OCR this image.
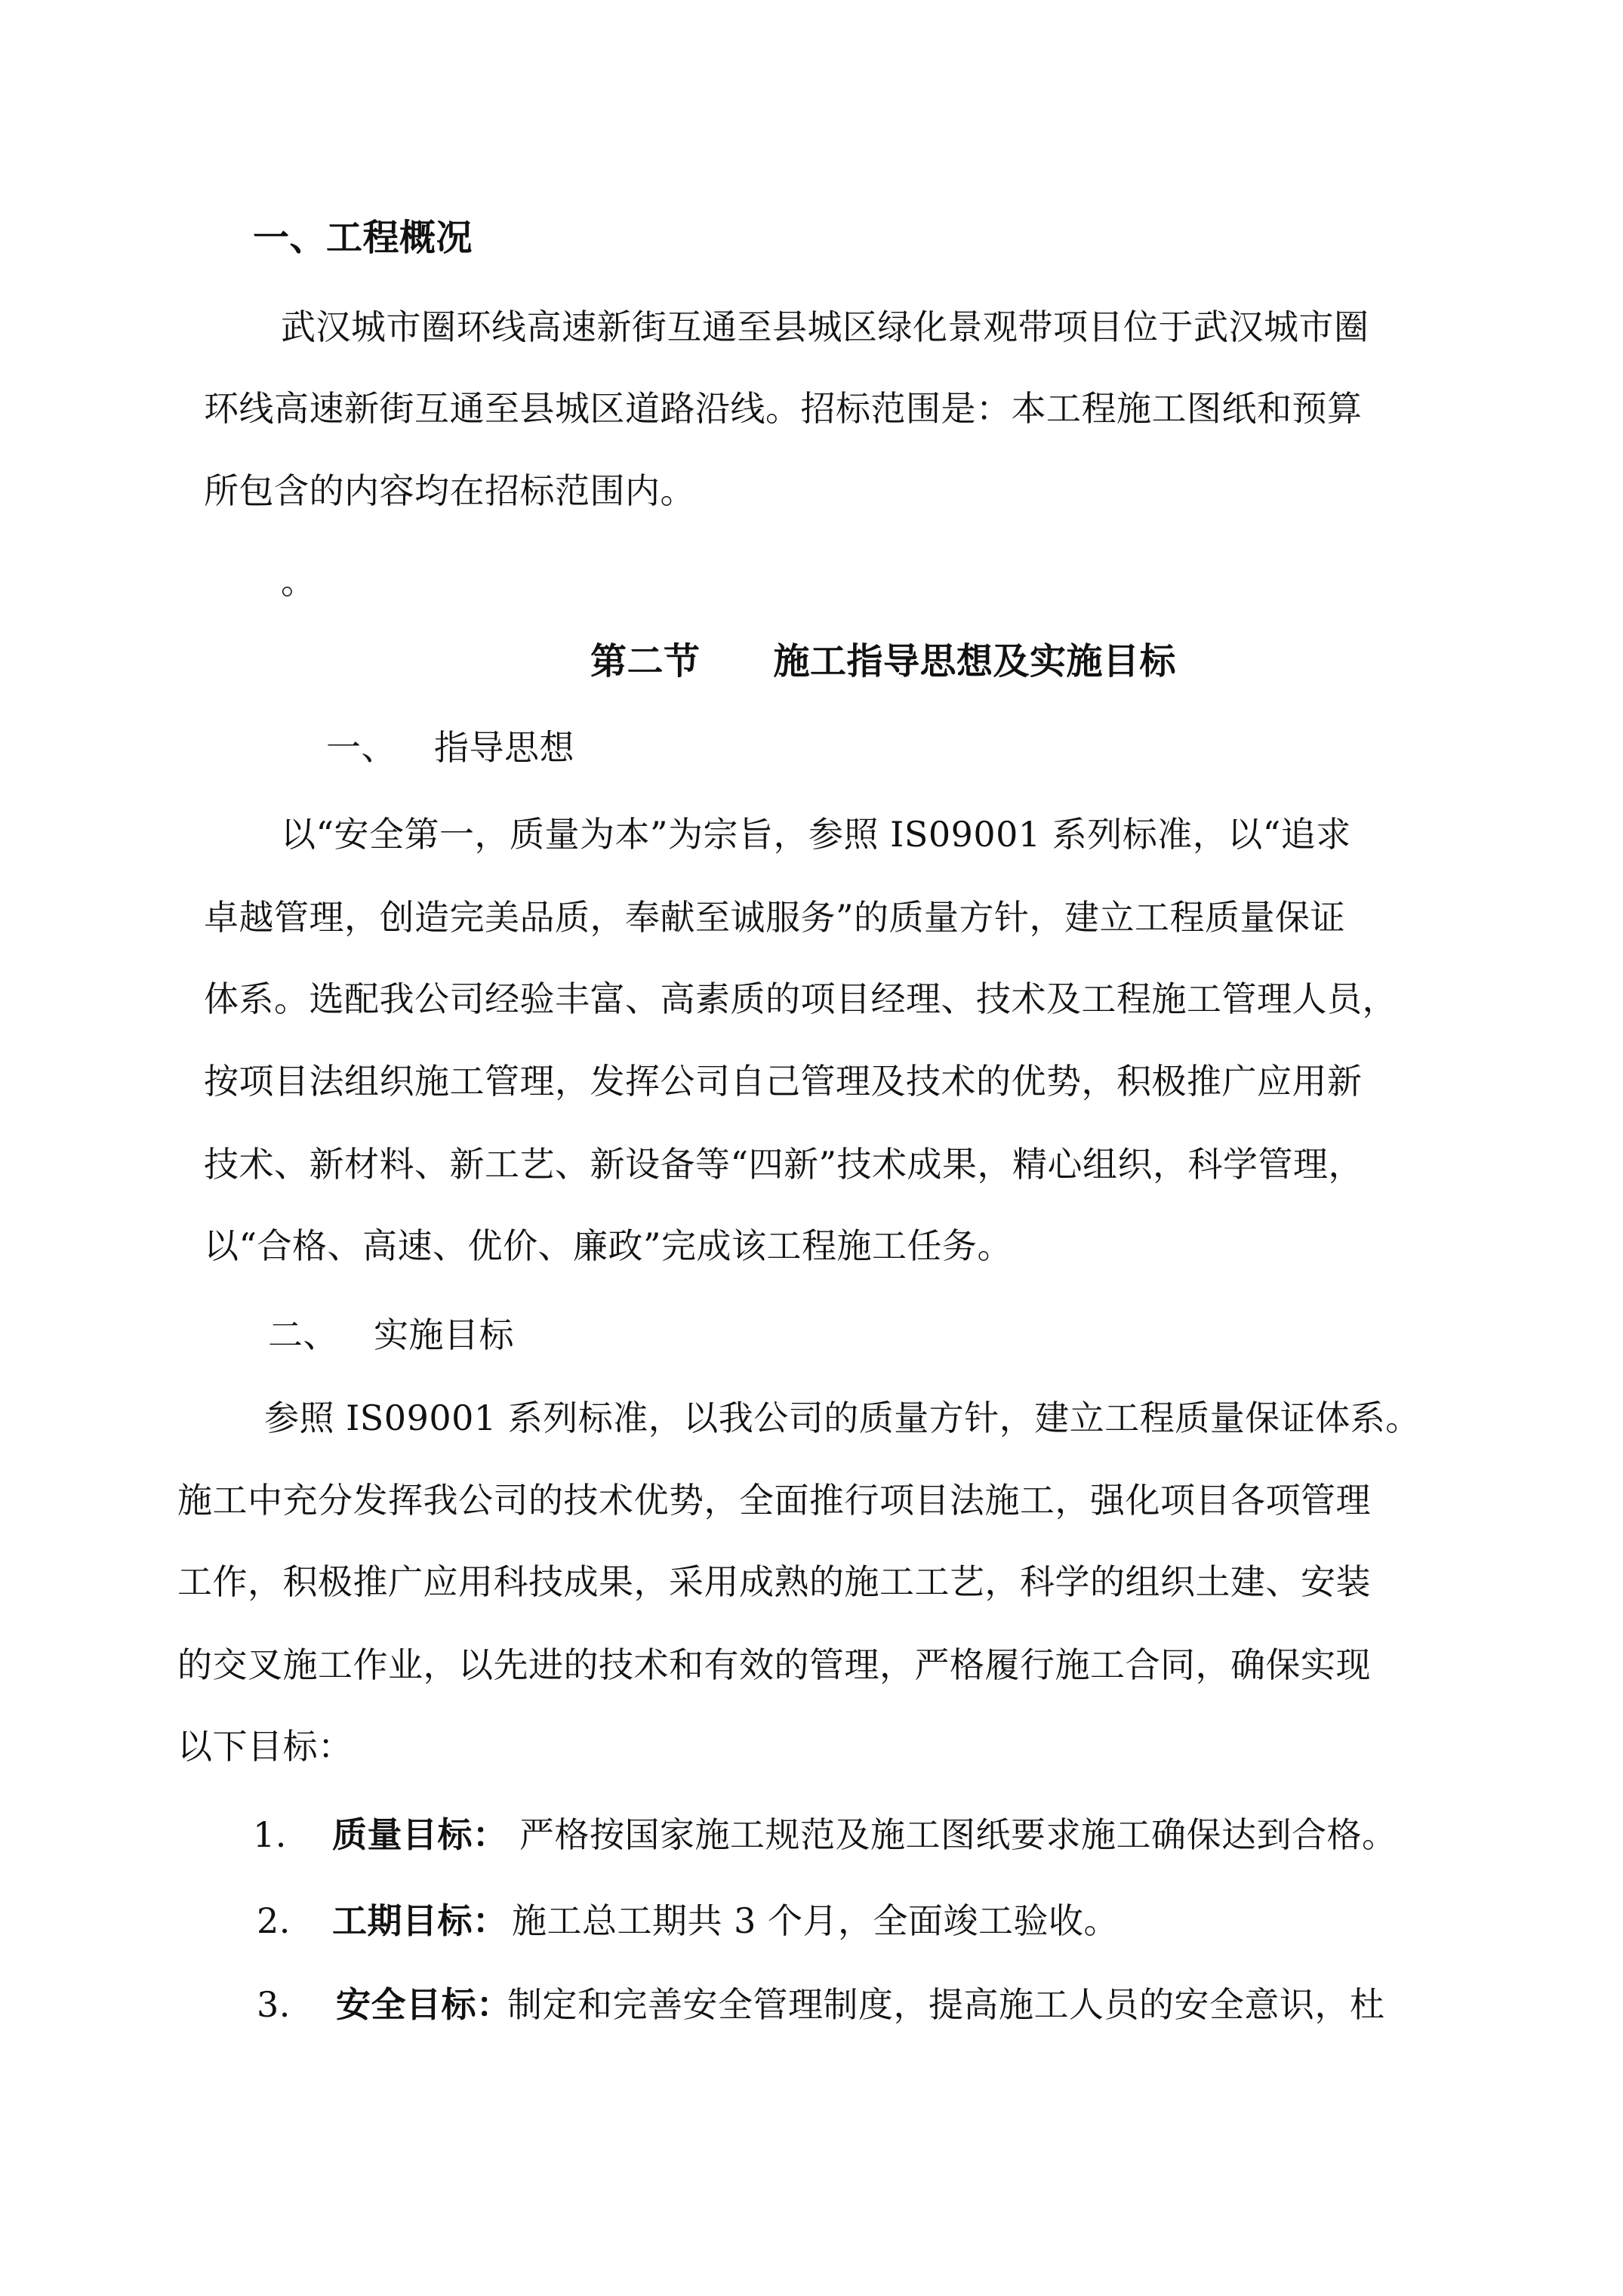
一、工程概况
武汉城市圈环线高速新街互通至县城区绿化景观带项目位于武汉城市圈
环线高速新街互通至县城区道路沿线。招标范围是：本工程施工图纸和预算
所包含的内容均在招标范围内。
。
第二节　　施工指导思想及实施目标
一、 指导思想
以“安全第一，质量为本”为宗旨，参照 IS09001 系列标准，以“追求
卓越管理，创造完美品质，奉献至诚服务”的质量方针，建立工程质量保证
体系。选配我公司经验丰富、高素质的项目经理、技术及工程施工管理人员，
按项目法组织施工管理，发挥公司自己管理及技术的优势，积极推广应用新
技术、新材料、新工艺、新设备等“四新”技术成果，精心组织，科学管理，
以“合格、高速、优价、廉政”完成该工程施工任务。
二、 实施目标
参照 IS09001 系列标准，以我公司的质量方针，建立工程质量保证体系。
施工中充分发挥我公司的技术优势，全面推行项目法施工，强化项目各项管理
工作，积极推广应用科技成果，采用成熟的施工工艺，科学的组织土建、安装
的交叉施工作业，以先进的技术和有效的管理，严格履行施工合同，确保实现
以下目标：
1. 质量目标： 严格按国家施工规范及施工图纸要求施工确保达到合格。
2. 工期目标： 施工总工期共 3 个月，全面竣工验收。
3. 安全目标：
制定和完善安全管理制度，提高施工人员的安全意识，杜
